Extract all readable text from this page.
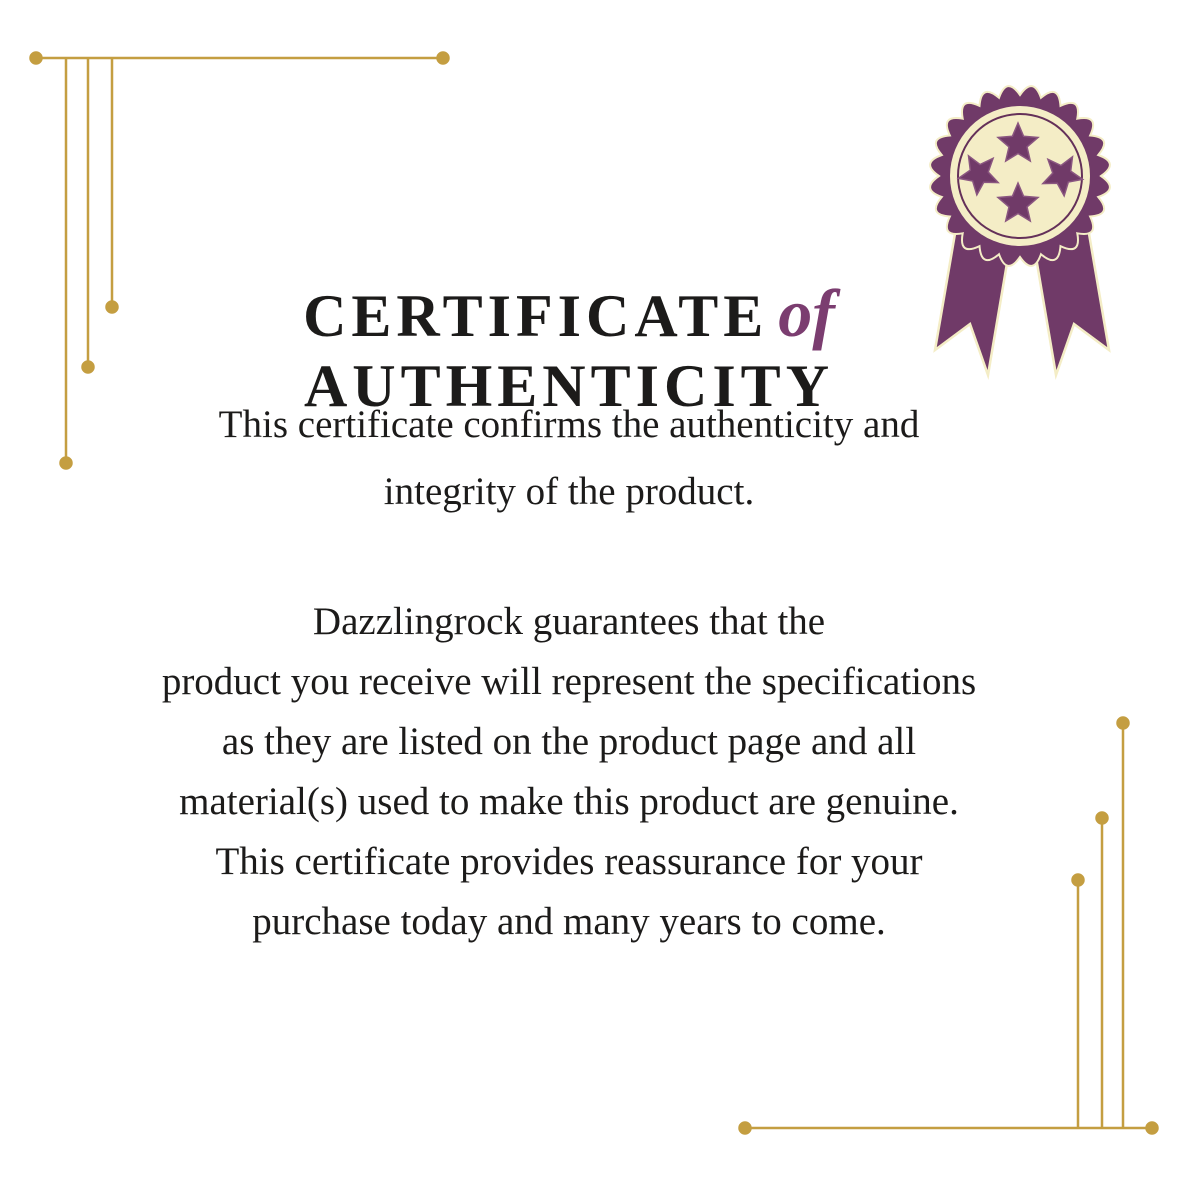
CERTIFICATE of
AUTHENTICITY
This certificate confirms the authenticity and
integrity of the product.
Dazzlingrock guarantees that the
product you receive will represent the specifications
as they are listed on the product page and all
material(s) used to make this product are genuine.
This certificate provides reassurance for your
purchase today and many years to come.
